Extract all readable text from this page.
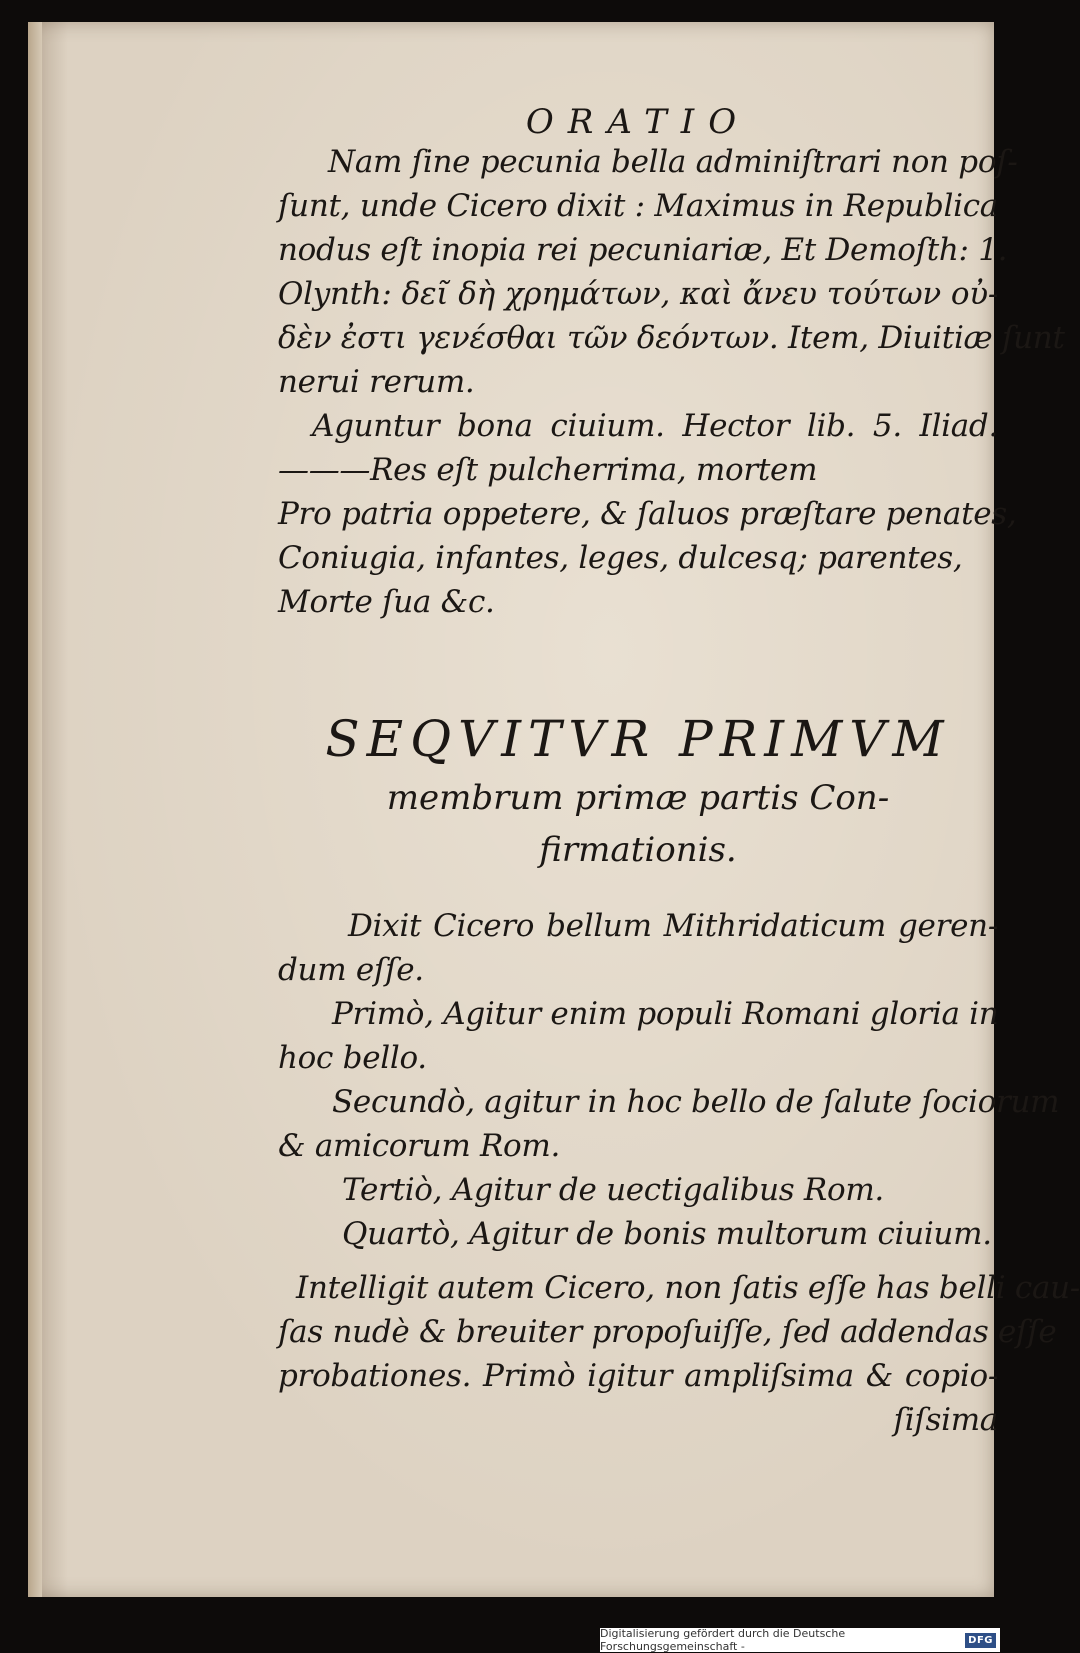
ORATIO
Nam ſine pecunia bella adminiſtrari non poſ-
ſunt, unde Cicero dixit : Maximus in Republica
nodus eſt inopia rei pecuniariæ, Et Demoſth: 1.
Olynth: δεῖ δὴ χρημάτων, καὶ ἄνευ τούτων οὐ-
δὲν ἐστι γενέσθαι τῶν δεόντων. Item, Diuitiæ ſunt
nerui rerum.
Aguntur bona ciuium. Hector lib. 5. Iliad.
———Res eſt pulcherrima, mortem
Pro patria oppetere, & ſaluos præſtare penates,
Coniugia, infantes, leges, dulcesq; parentes,
Morte ſua &c.
SEQVITVR PRIMVM
membrum primæ partis Con-
firmationis.
Dixit Cicero bellum Mithridaticum geren-
dum eſſe.
Primò, Agitur enim populi Romani gloria in
hoc bello.
Secundò, agitur in hoc bello de ſalute ſociorum
& amicorum Rom.
Tertiò, Agitur de uectigalibus Rom.
Quartò, Agitur de bonis multorum ciuium.
Intelligit autem Cicero, non ſatis eſſe has belli cau-
ſas nudè & breuiter propoſuiſſe, ſed addendas eſſe
probationes. Primò igitur ampliſsima & copio-
ſiſsima
Digitalisierung gefördert durch die Deutsche Forschungsgemeinschaft -	DFG
